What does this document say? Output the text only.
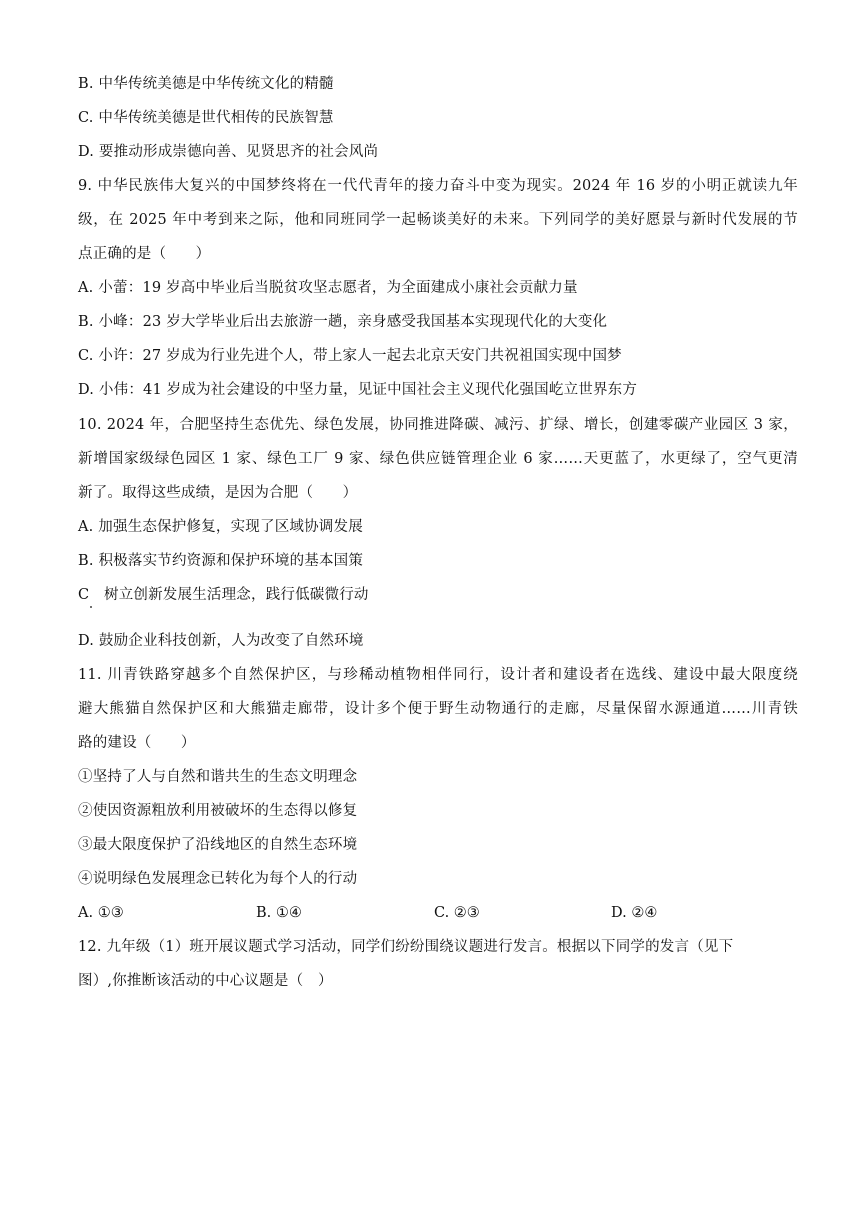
B. 中华传统美德是中华传统文化的精髓
C. 中华传统美德是世代相传的民族智慧
D. 要推动形成崇德向善、见贤思齐的社会风尚
9. 中华民族伟大复兴的中国梦终将在一代代青年的接力奋斗中变为现实。2024 年 16 岁的小明正就读九年
级，在 2025 年中考到来之际，他和同班同学一起畅谈美好的未来。下列同学的美好愿景与新时代发展的节
点正确的是（　　）
A. 小蕾：19 岁高中毕业后当脱贫攻坚志愿者，为全面建成小康社会贡献力量
B. 小峰：23 岁大学毕业后出去旅游一趟，亲身感受我国基本实现现代化的大变化
C. 小许：27 岁成为行业先进个人，带上家人一起去北京天安门共祝祖国实现中国梦
D. 小伟：41 岁成为社会建设的中坚力量，见证中国社会主义现代化强国屹立世界东方
10. 2024 年，合肥坚持生态优先、绿色发展，协同推进降碳、减污、扩绿、增长，创建零碳产业园区 3 家，
新增国家级绿色园区 1 家、绿色工厂 9 家、绿色供应链管理企业 6 家……天更蓝了，水更绿了，空气更清
新了。取得这些成绩，是因为合肥（　　）
A. 加强生态保护修复，实现了区域协调发展
B. 积极落实节约资源和保护环境的基本国策
C　树立创新发展生活理念，践行低碳微行动
D. 鼓励企业科技创新，人为改变了自然环境
11. 川青铁路穿越多个自然保护区，与珍稀动植物相伴同行，设计者和建设者在选线、建设中最大限度绕
避大熊猫自然保护区和大熊猫走廊带，设计多个便于野生动物通行的走廊，尽量保留水源通道……川青铁
路的建设（　　）
①坚持了人与自然和谐共生的生态文明理念
②使因资源粗放利用被破坏的生态得以修复
③最大限度保护了沿线地区的自然生态环境
④说明绿色发展理念已转化为每个人的行动
A. ①③	B. ①④	C. ②③	D. ②④
12. 九年级（1）班开展议题式学习活动，同学们纷纷围绕议题进行发言。根据以下同学的发言（见下
图）,你推断该活动的中心议题是（　）
